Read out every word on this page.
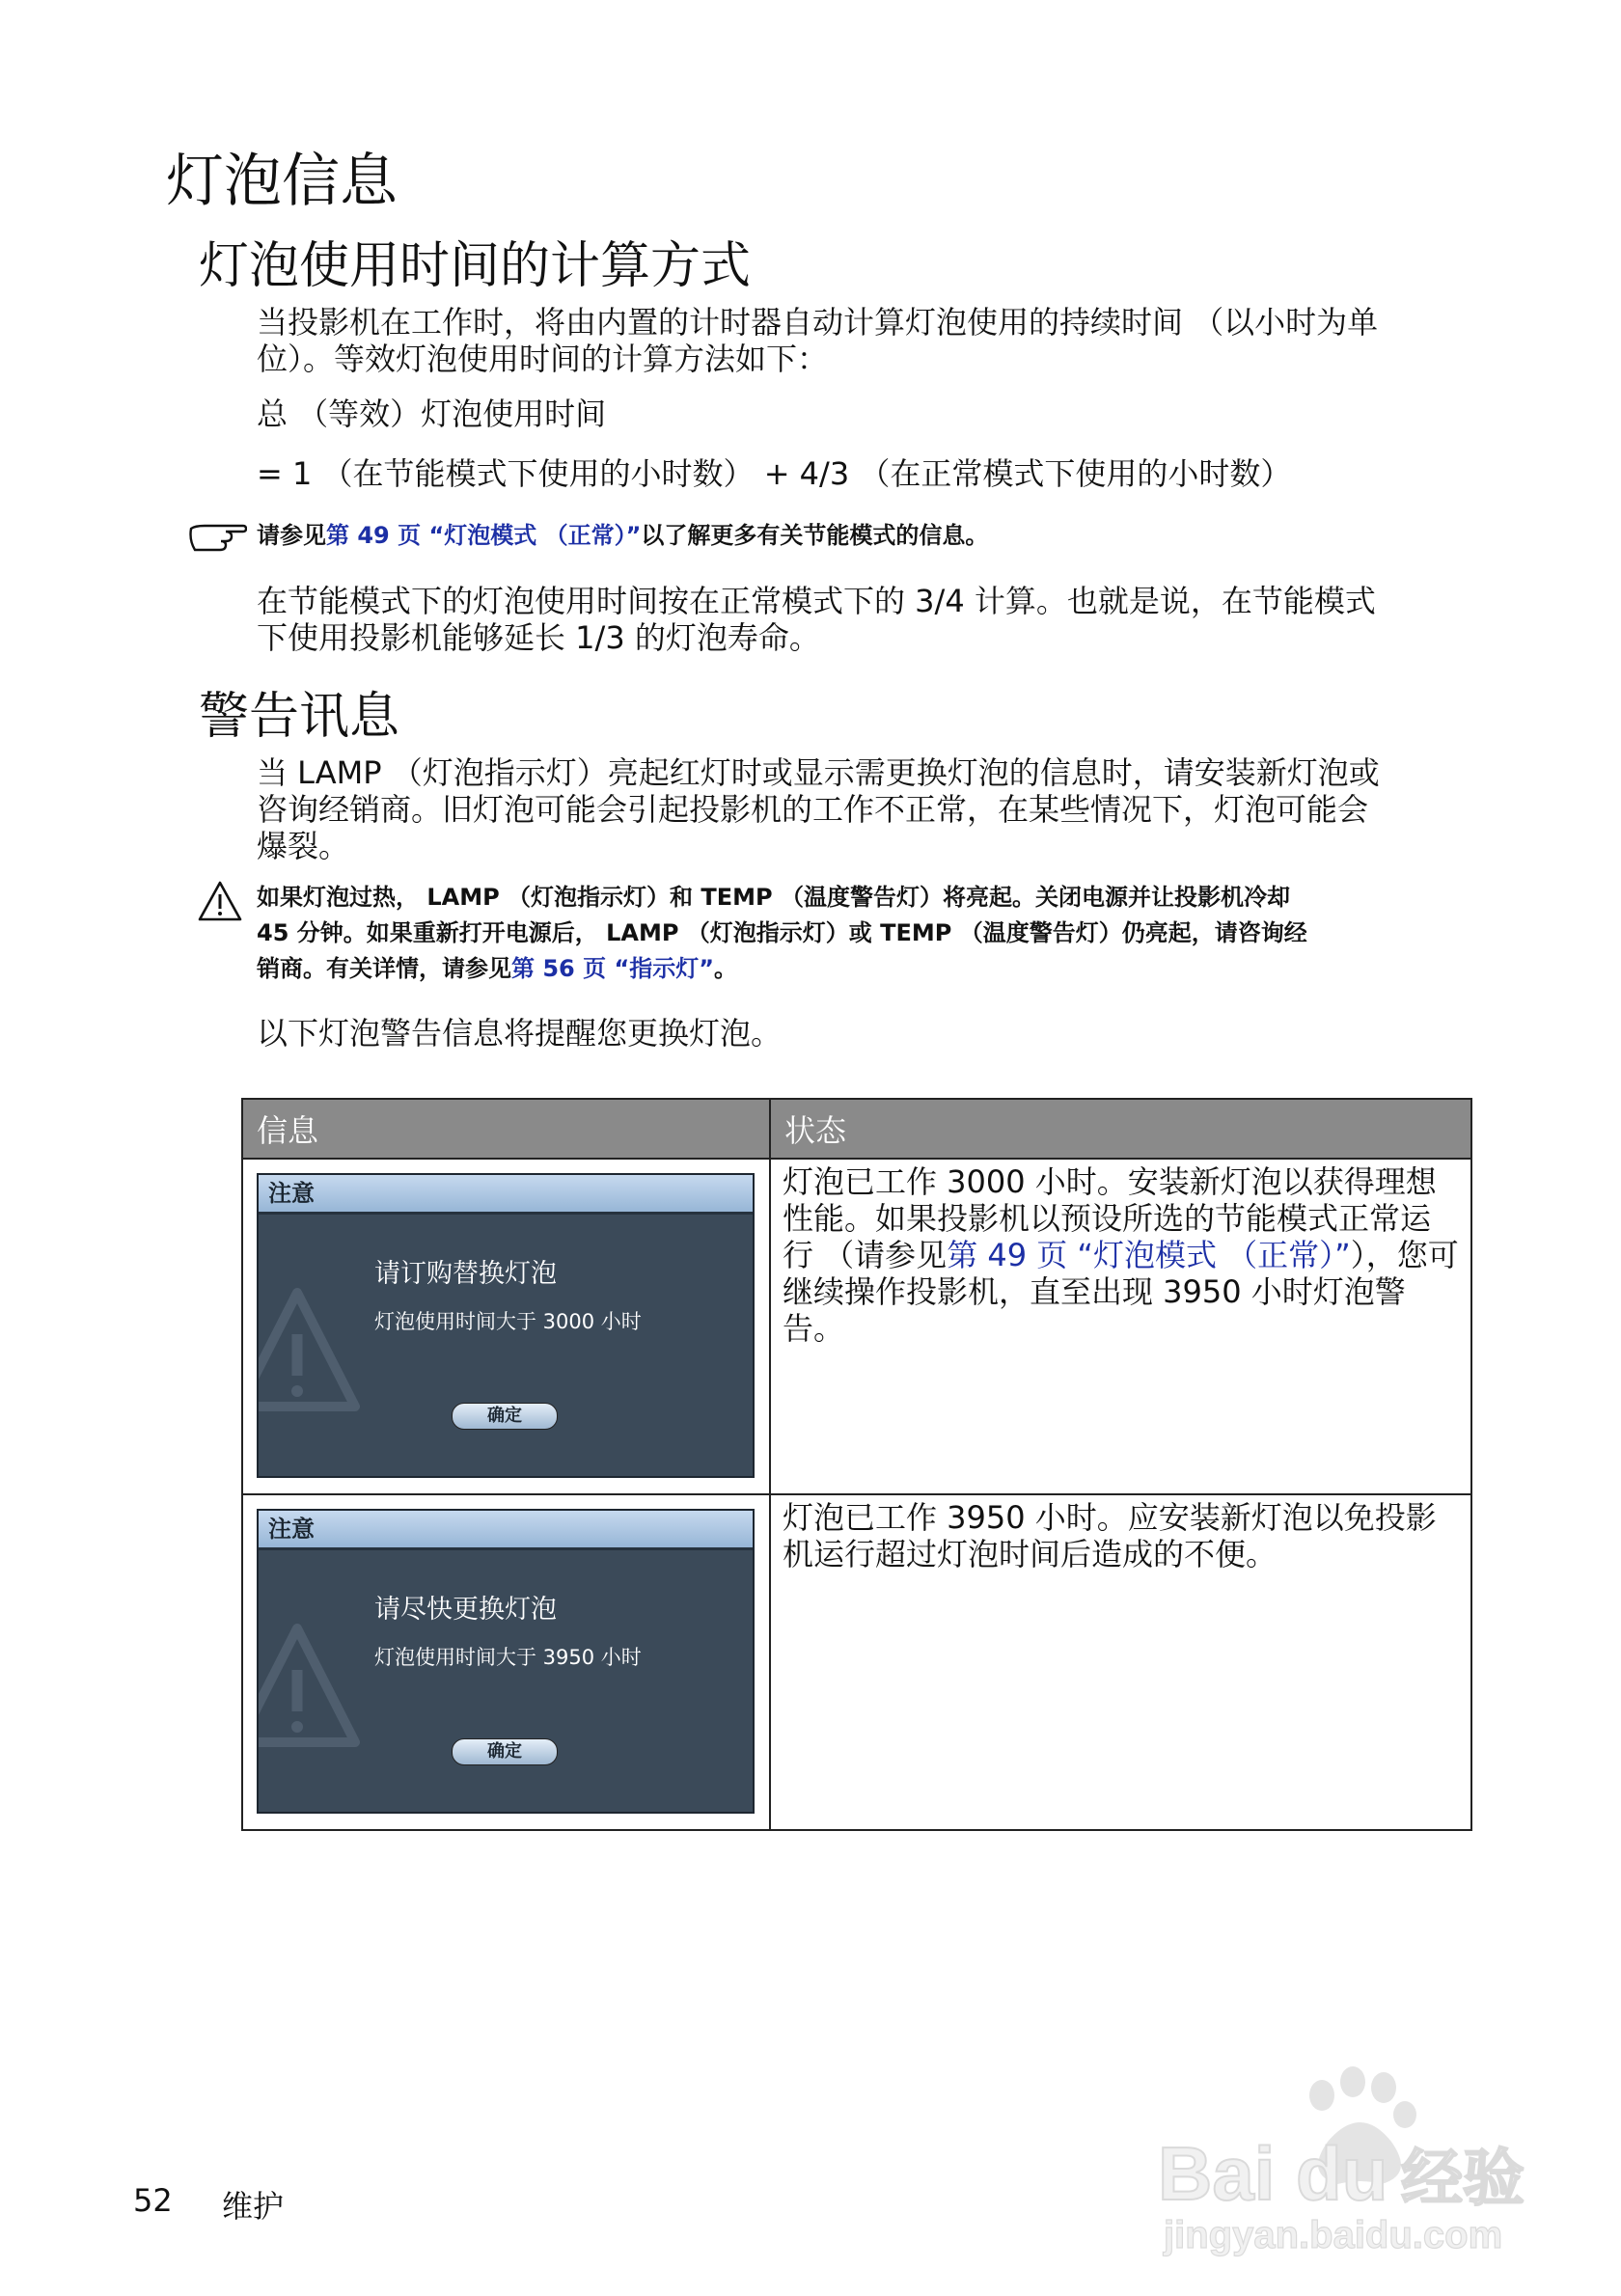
灯泡信息
灯泡使用时间的计算方式

当投影机在工作时，将由内置的计时器自动计算灯泡使用的持续时间 （以小时为单

位）。等效灯泡使用时间的计算方法如下：

总 （等效）灯泡使用时间

= 1 （在节能模式下使用的小时数） + 4/3 （在正常模式下使用的小时数）

请参见第 49 页 “灯泡模式 （正常）”以了解更多有关节能模式的信息。

在节能模式下的灯泡使用时间按在正常模式下的 3/4 计算。也就是说，在节能模式

下使用投影机能够延长 1/3 的灯泡寿命。

警告讯息

当 LAMP （灯泡指示灯）亮起红灯时或显示需更换灯泡的信息时，请安装新灯泡或

咨询经销商。旧灯泡可能会引起投影机的工作不正常，在某些情况下，灯泡可能会

爆裂。

如果灯泡过热， LAMP （灯泡指示灯）和 TEMP （温度警告灯）将亮起。关闭电源并让投影机冷却

45 分钟。如果重新打开电源后， LAMP （灯泡指示灯）或 TEMP （温度警告灯）仍亮起，请咨询经

销商。有关详情，请参见第 56 页 “指示灯”。

以下灯泡警告信息将提醒您更换灯泡。

信息	状态

注意
请订购替换灯泡
灯泡使用时间大于 3000 小时
确定	灯泡已工作 3000 小时。安装新灯泡以获得理想性能。如果投影机以预设所选的节能模式正常运行 （请参见第 49 页 “灯泡模式 （正常）”），您可继续操作投影机，直至出现 3950 小时灯泡警告。

注意
请尽快更换灯泡
灯泡使用时间大于 3950 小时
确定	灯泡已工作 3950 小时。应安装新灯泡以免投影机运行超过灯泡时间后造成的不便。
52 维护	Bai du 经验
jingyan.baidu.com
